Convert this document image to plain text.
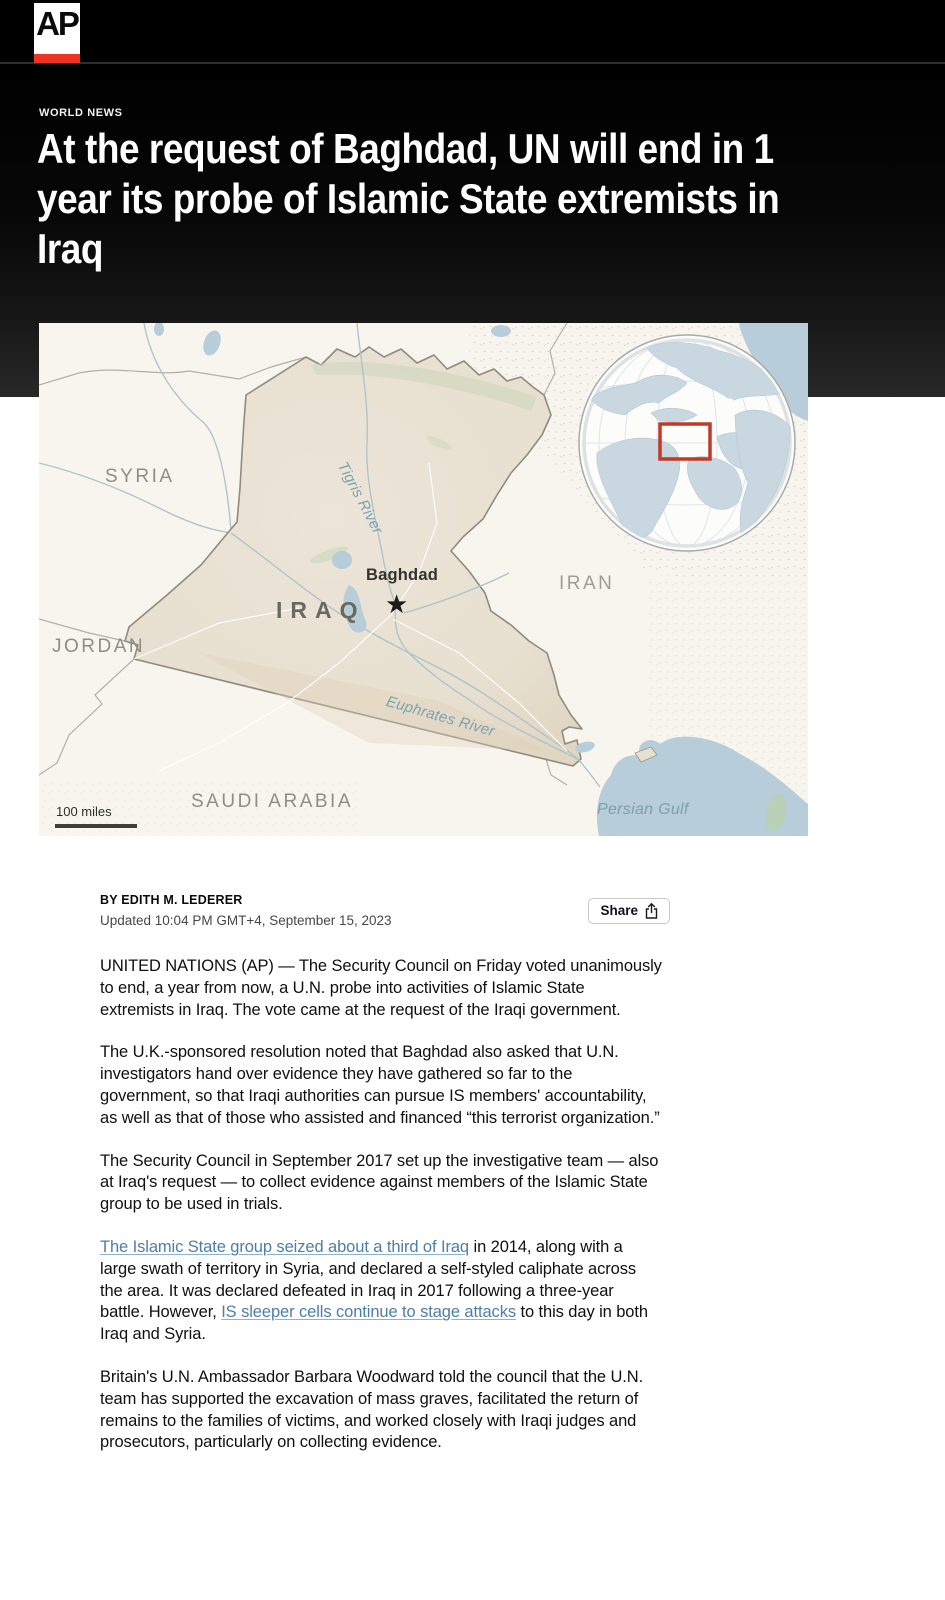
AP
WORLD NEWS
At the request of Baghdad, UN will end in 1 year its probe of Islamic State extremists in Iraq
SYRIA
JORDAN
SAUDI ARABIA
IRAN
IRAQ
Baghdad
★
Tigris River
Euphrates River
Persian Gulf
100 miles
BY EDITH M. LEDERER
Updated 10:04 PM GMT+4, September 15, 2023
Share

UNITED NATIONS (AP) — The Security Council on Friday voted unanimously to end, a year from now, a U.N. probe into activities of Islamic State extremists in Iraq. The vote came at the request of the Iraqi government.

The U.K.-sponsored resolution noted that Baghdad also asked that U.N. investigators hand over evidence they have gathered so far to the government, so that Iraqi authorities can pursue IS members' accountability, as well as that of those who assisted and financed “this terrorist organization.”

The Security Council in September 2017 set up the investigative team — also at Iraq's request — to collect evidence against members of the Islamic State group to be used in trials.

The Islamic State group seized about a third of Iraq in 2014, along with a large swath of territory in Syria, and declared a self-styled caliphate across the area. It was declared defeated in Iraq in 2017 following a three-year battle. However, IS sleeper cells continue to stage attacks to this day in both Iraq and Syria.

Britain's U.N. Ambassador Barbara Woodward told the council that the U.N. team has supported the excavation of mass graves, facilitated the return of remains to the families of victims, and worked closely with Iraqi judges and prosecutors, particularly on collecting evidence.
